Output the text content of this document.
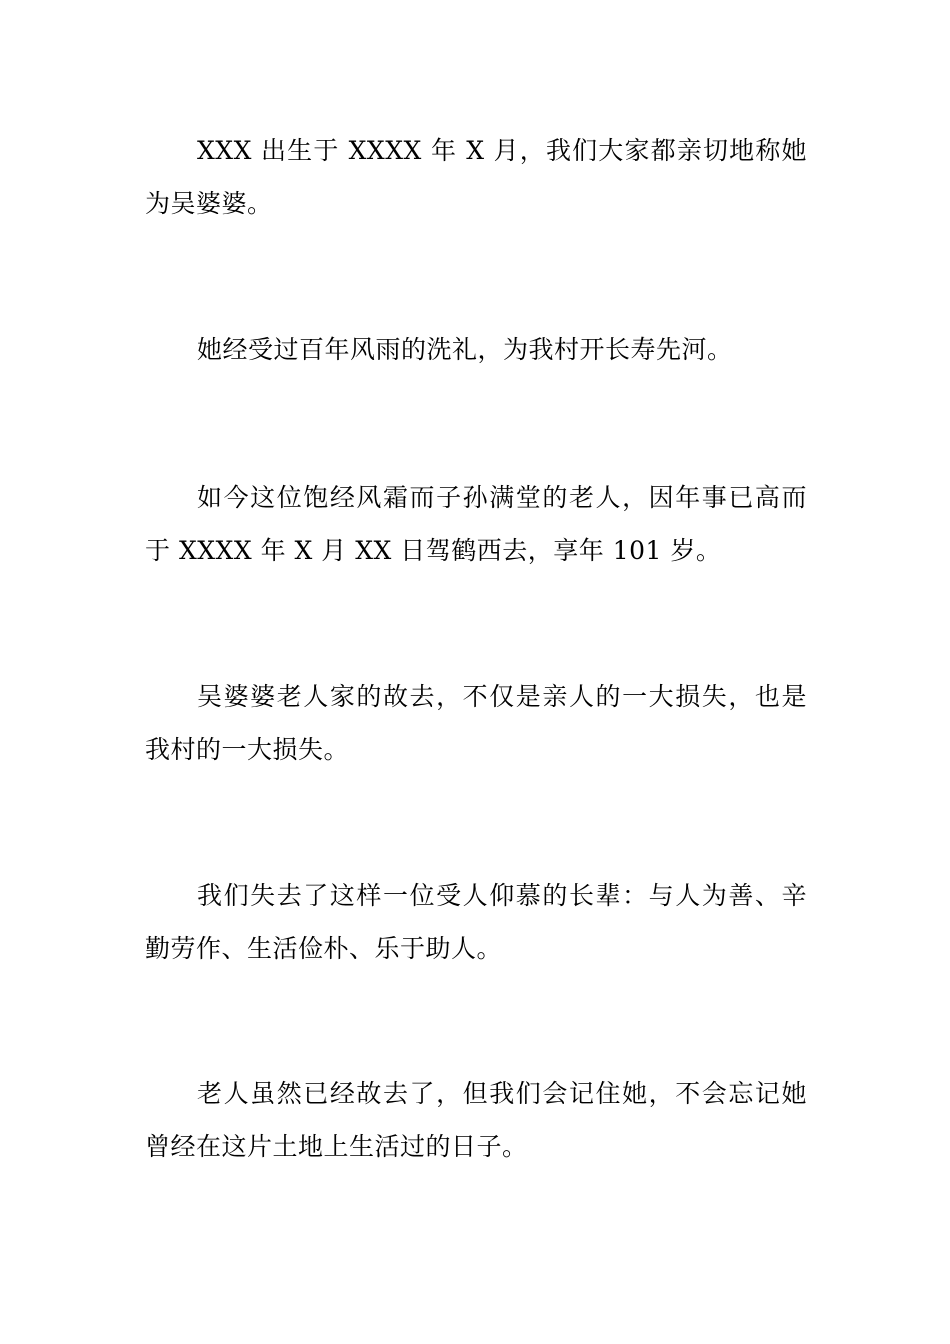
XXX 出生于 XXXX 年 X 月，我们大家都亲切地称她为吴婆婆。

她经受过百年风雨的洗礼，为我村开长寿先河。

如今这位饱经风霜而子孙满堂的老人，因年事已高而于 XXXX 年 X 月 XX 日驾鹤西去，享年 101 岁。

吴婆婆老人家的故去，不仅是亲人的一大损失，也是我村的一大损失。

我们失去了这样一位受人仰慕的长辈：与人为善、辛勤劳作、生活俭朴、乐于助人。

老人虽然已经故去了，但我们会记住她，不会忘记她曾经在这片土地上生活过的日子。
